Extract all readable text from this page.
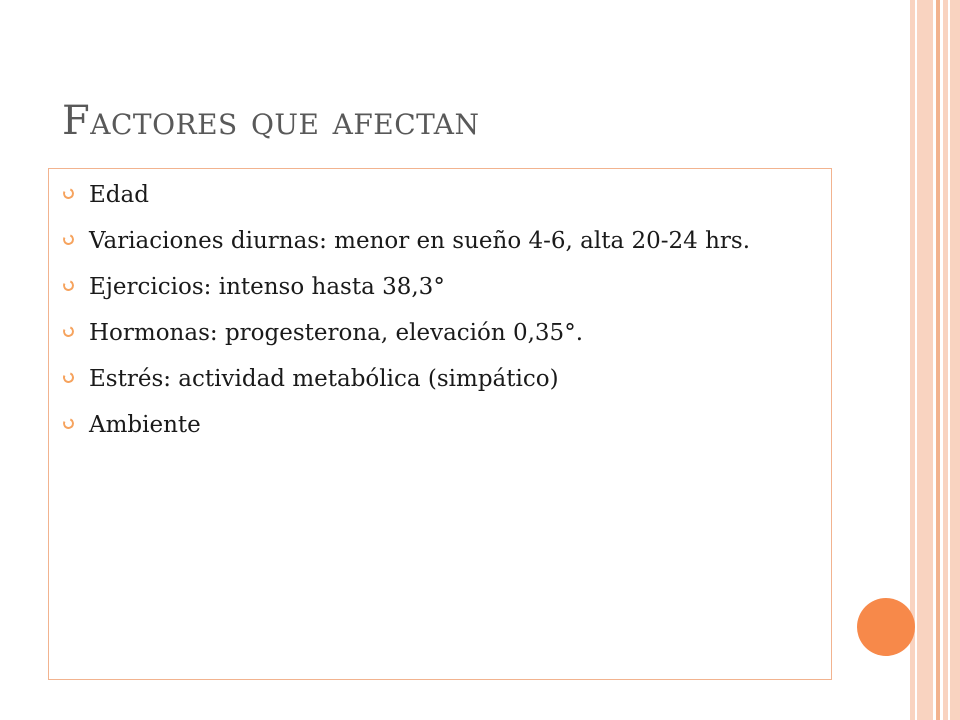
Factores que afectan
Edad
Variaciones diurnas: menor en sueño 4-6, alta 20-24 hrs.
Ejercicios: intenso hasta 38,3°
Hormonas: progesterona, elevación 0,35°.
Estrés: actividad metabólica (simpático)
Ambiente
